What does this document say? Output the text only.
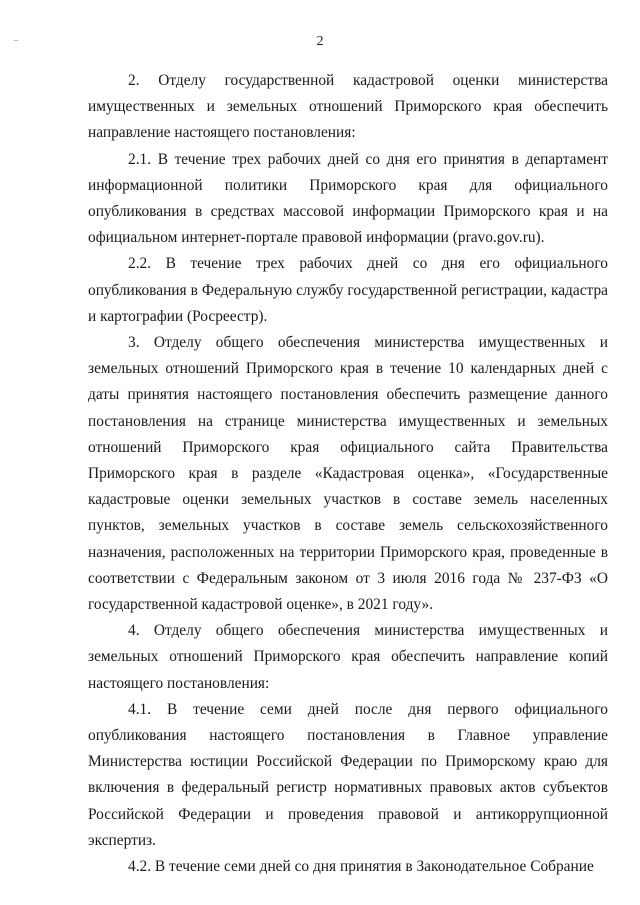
2

2. Отделу государственной кадастровой оценки министерства имущественных и земельных отношений Приморского края обеспечить направление настоящего постановления:

2.1. В течение трех рабочих дней со дня его принятия в департамент информационной политики Приморского края для официального опубликования в средствах массовой информации Приморского края и на официальном интернет-портале правовой информации (pravo.gov.ru).

2.2. В течение трех рабочих дней со дня его официального опубликования в Федеральную службу государственной регистрации, кадастра и картографии (Росреестр).

3. Отделу общего обеспечения министерства имущественных и земельных отношений Приморского края в течение 10 календарных дней с даты принятия настоящего постановления обеспечить размещение данного постановления на странице министерства имущественных и земельных отношений Приморского края официального сайта Правительства Приморского края в разделе «Кадастровая оценка», «Государственные кадастровые оценки земельных участков в составе земель населенных пунктов, земельных участков в составе земель сельскохозяйственного назначения, расположенных на территории Приморского края, проведенные в соответствии с Федеральным законом от 3 июля 2016 года № 237-ФЗ «О государственной кадастровой оценке», в 2021 году».

4. Отделу общего обеспечения министерства имущественных и земельных отношений Приморского края обеспечить направление копий настоящего постановления:

4.1. В течение семи дней после дня первого официального опубликования настоящего постановления в Главное управление Министерства юстиции Российской Федерации по Приморскому краю для включения в федеральный регистр нормативных правовых актов субъектов Российской Федерации и проведения правовой и антикоррупционной экспертиз.

4.2. В течение семи дней со дня принятия в Законодательное Собрание
